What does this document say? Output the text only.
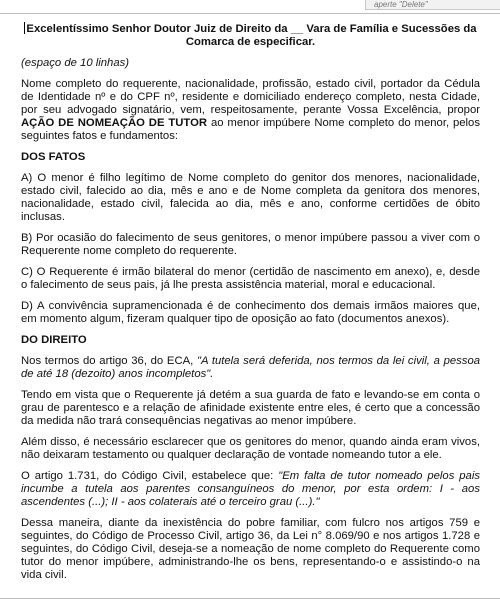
aperte "Delete"
Excelentíssimo Senhor Doutor Juiz de Direito da __ Vara de Família e Sucessões da
Comarca de especificar.

(espaço de 10 linhas)

Nome completo do requerente, nacionalidade, profissão, estado civil, portador da Cédula de Identidade nº e do CPF nº, residente e domiciliado endereço completo, nesta Cidade, por seu advogado signatário, vem, respeitosamente, perante Vossa Excelência, propor AÇÃO DE NOMEAÇÃO DE TUTOR ao menor impúbere Nome completo do menor, pelos seguintes fatos e fundamentos:

DOS FATOS

A) O menor é filho legítimo de Nome completo do genitor dos menores, nacionalidade, estado civil, falecido ao dia, mês e ano e de Nome completa da genitora dos menores, nacionalidade, estado civil, falecida ao dia, mês e ano, conforme certidões de óbito inclusas.

B) Por ocasião do falecimento de seus genitores, o menor impúbere passou a viver com o Requerente nome completo do requerente.

C) O Requerente é irmão bilateral do menor (certidão de nascimento em anexo), e, desde o falecimento de seus pais, já lhe presta assistência material, moral e educacional.

D) A convivência supramencionada é de conhecimento dos demais irmãos maiores que, em momento algum, fizeram qualquer tipo de oposição ao fato (documentos anexos).

DO DIREITO

Nos termos do artigo 36, do ECA, "A tutela será deferida, nos termos da lei civil, a pessoa de até 18 (dezoito) anos incompletos".

Tendo em vista que o Requerente já detém a sua guarda de fato e levando-se em conta o grau de parentesco e a relação de afinidade existente entre eles, é certo que a concessão da medida não trará consequências negativas ao menor impúbere.

Além disso, é necessário esclarecer que os genitores do menor, quando ainda eram vivos, não deixaram testamento ou qualquer declaração de vontade nomeando tutor a ele.

O artigo 1.731, do Código Civil, estabelece que: "Em falta de tutor nomeado pelos pais incumbe a tutela aos parentes consanguíneos do menor, por esta ordem: I - aos ascendentes (...); II - aos colaterais até o terceiro grau (...)."

Dessa maneira, diante da inexistência do pobre familiar, com fulcro nos artigos 759 e seguintes, do Código de Processo Civil, artigo 36, da Lei n° 8.069/90 e nos artigos 1.728 e seguintes, do Código Civil, deseja-se a nomeação de nome completo do Requerente como tutor do menor impúbere, administrando-lhe os bens, representando-o e assistindo-o na vida civil.
